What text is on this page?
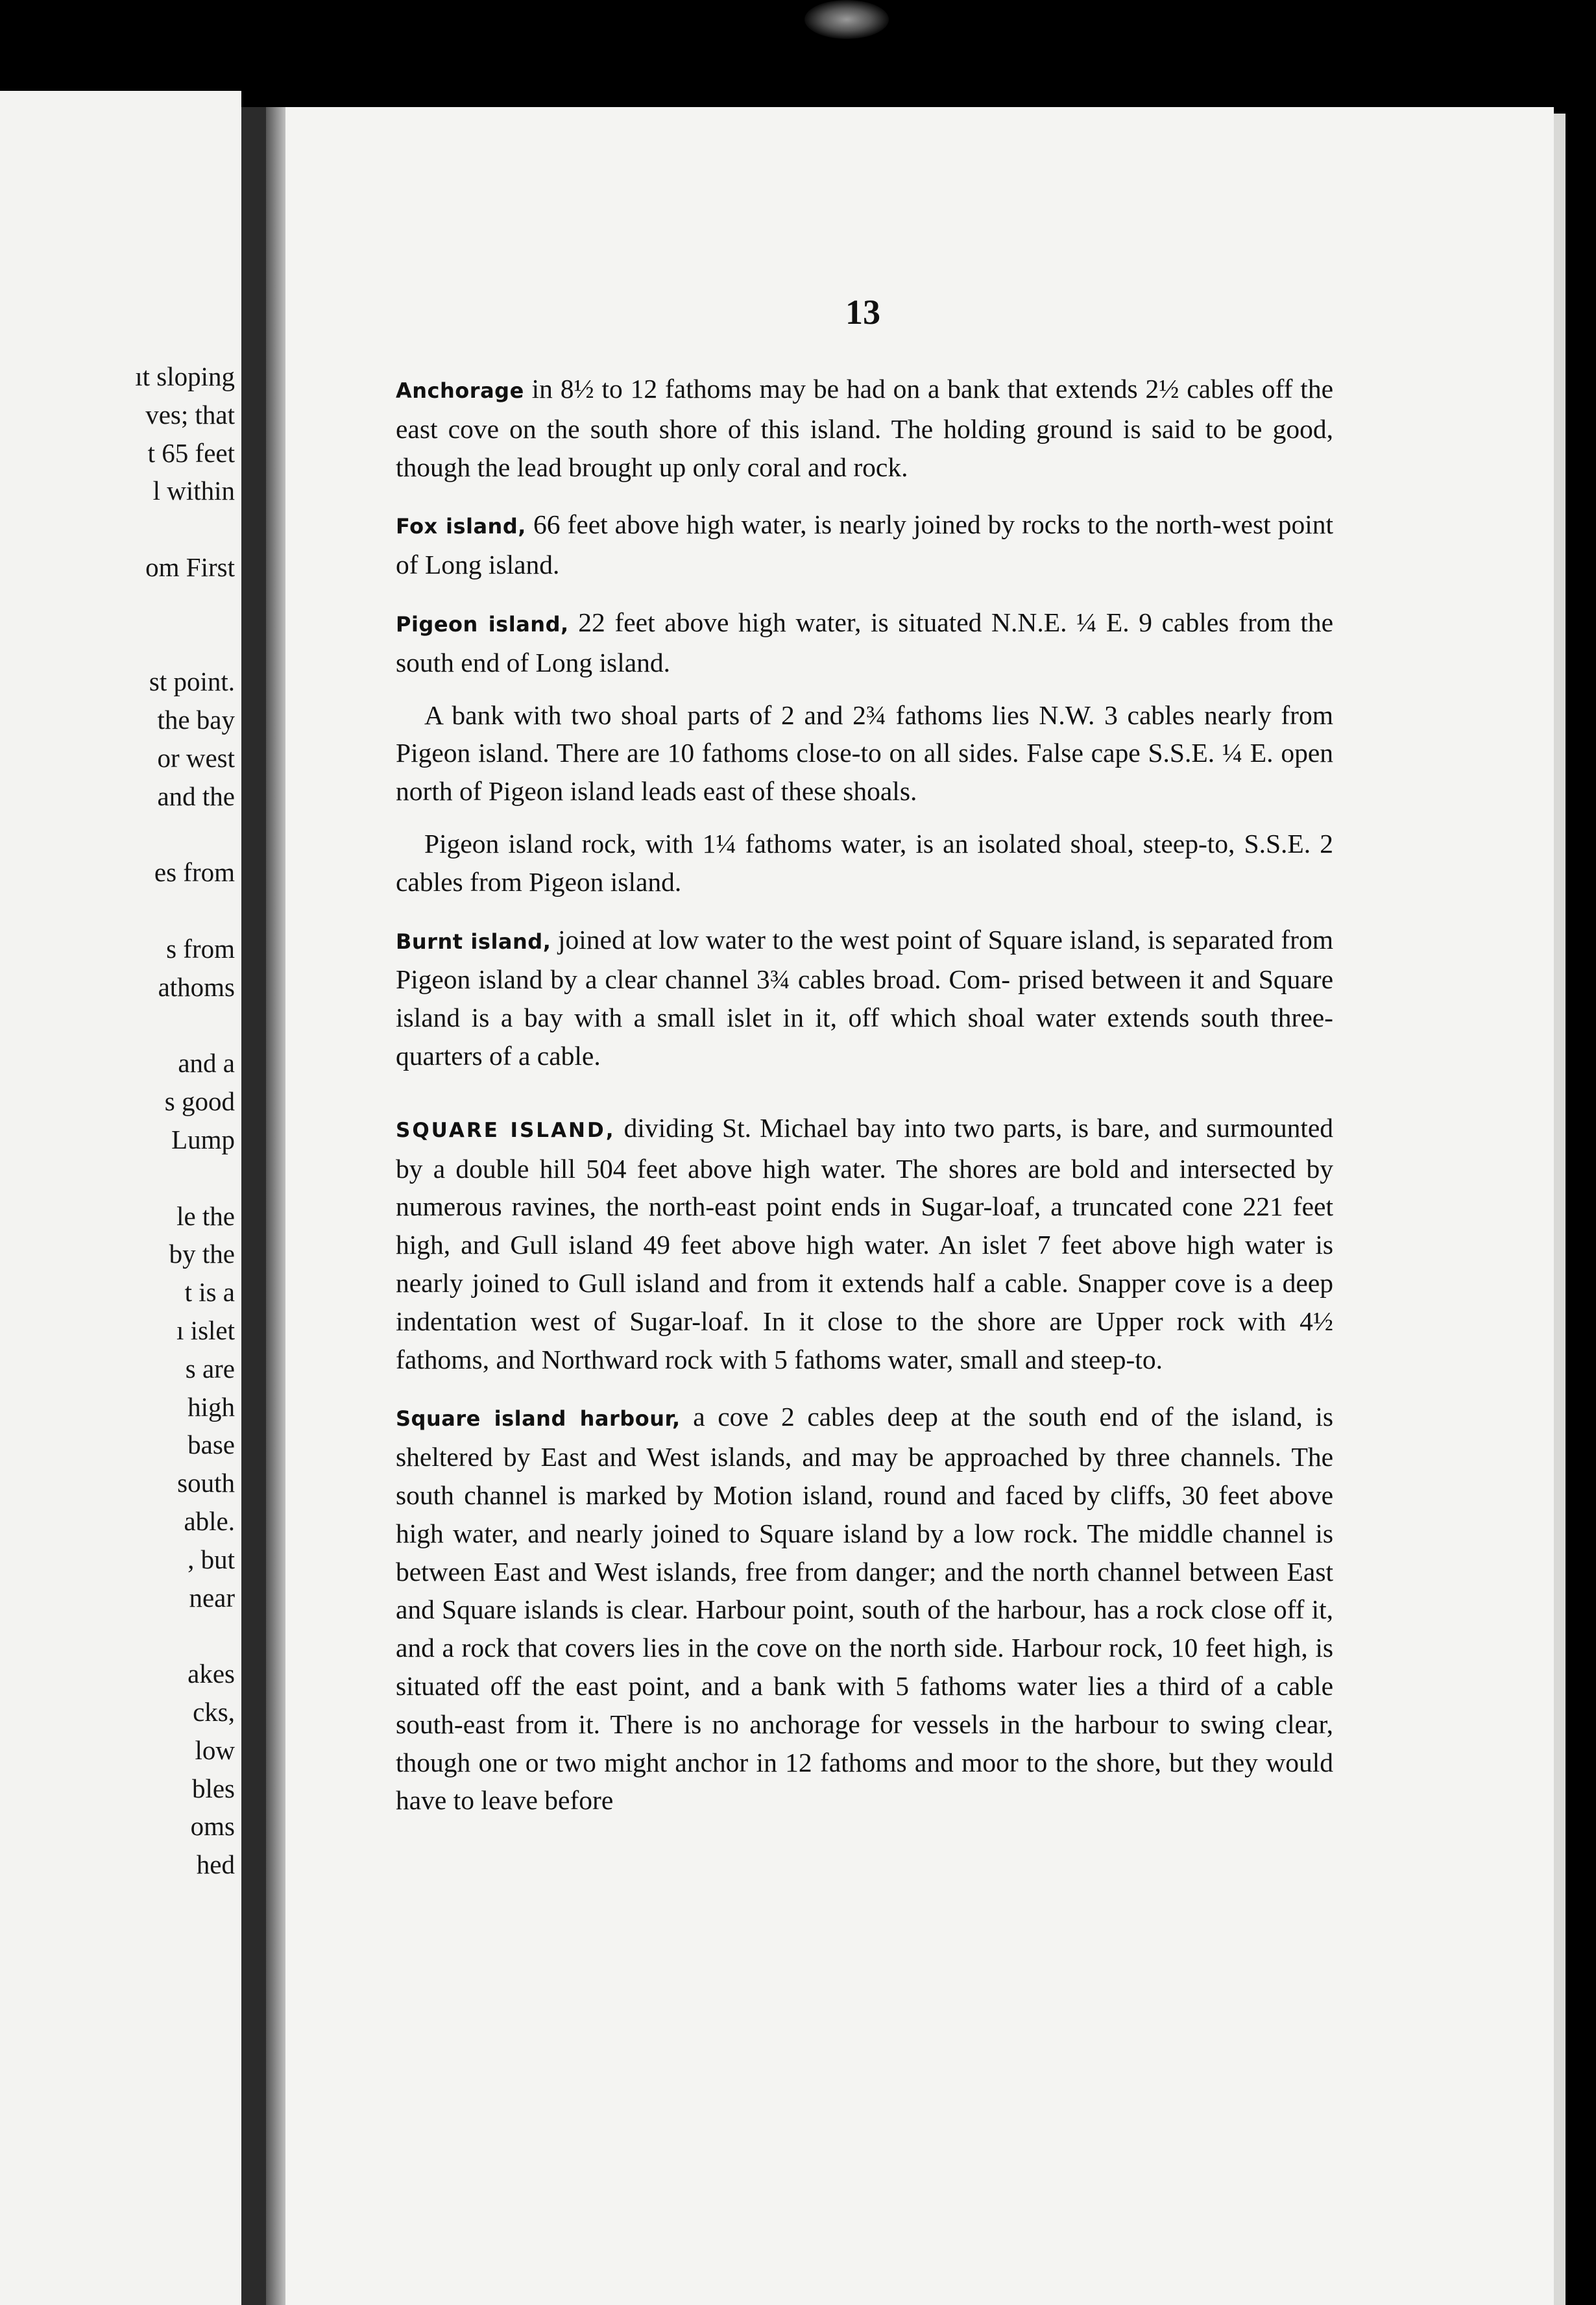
ıt sloping
ves; that
t 65 feet
l within
om First
st point.
the bay
or west
and the
es from
s from
athoms
and a
s good
Lump
le the
by the
t is a
ı islet
s are
high
base
south
able.
, but
near
akes
cks,
low
bles
oms
hed
13

Anchorage in 8½ to 12 fathoms may be had on a bank that extends 2½ cables off the east cove on the south shore of this island. The holding ground is said to be good, though the lead brought up only coral and rock.

Fox island, 66 feet above high water, is nearly joined by rocks to the north-west point of Long island.

Pigeon island, 22 feet above high water, is situated N.N.E. ¼ E. 9 cables from the south end of Long island.

A bank with two shoal parts of 2 and 2¾ fathoms lies N.W. 3 cables nearly from Pigeon island. There are 10 fathoms close-to on all sides. False cape S.S.E. ¼ E. open north of Pigeon island leads east of these shoals.

Pigeon island rock, with 1¼ fathoms water, is an isolated shoal, steep-to, S.S.E. 2 cables from Pigeon island.

Burnt island, joined at low water to the west point of Square island, is separated from Pigeon island by a clear channel 3¾ cables broad. Com- prised between it and Square island is a bay with a small islet in it, off which shoal water extends south three-quarters of a cable.

SQUARE ISLAND, dividing St. Michael bay into two parts, is bare, and surmounted by a double hill 504 feet above high water. The shores are bold and intersected by numerous ravines, the north-east point ends in Sugar-loaf, a truncated cone 221 feet high, and Gull island 49 feet above high water. An islet 7 feet above high water is nearly joined to Gull island and from it extends half a cable. Snapper cove is a deep indentation west of Sugar-loaf. In it close to the shore are Upper rock with 4½ fathoms, and Northward rock with 5 fathoms water, small and steep-to.

Square island harbour, a cove 2 cables deep at the south end of the island, is sheltered by East and West islands, and may be approached by three channels. The south channel is marked by Motion island, round and faced by cliffs, 30 feet above high water, and nearly joined to Square island by a low rock. The middle channel is between East and West islands, free from danger; and the north channel between East and Square islands is clear. Harbour point, south of the harbour, has a rock close off it, and a rock that covers lies in the cove on the north side. Harbour rock, 10 feet high, is situated off the east point, and a bank with 5 fathoms water lies a third of a cable south-east from it. There is no anchorage for vessels in the harbour to swing clear, though one or two might anchor in 12 fathoms and moor to the shore, but they would have to leave before
